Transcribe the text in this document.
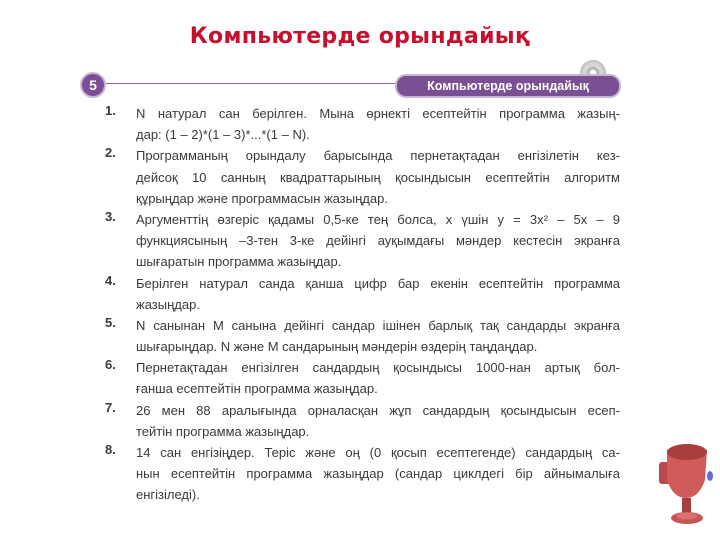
Компьютерде орындайық
5	Компьютерде орындайық
1. N натурал сан берілген. Мына өрнекті есептейтін программа жазың-
дар: (1 – 2)*(1 – 3)*...*(1 – N).
2. Программаның орындалу барысында пернетақтадан енгізілетін кез-
дейсоқ 10 санның квадраттарының қосындысын есептейтін алгоритм
құрыңдар және программасын жазыңдар.
3. Аргументтің өзгеріс қадамы 0,5-ке тең болса, x үшін y = 3x² – 5x – 9
функциясының –3-тен 3-ке дейінгі ауқымдағы мәндер кестесін экранға
шығаратын программа жазыңдар.
4. Берілген натурал санда қанша цифр бар екенін есептейтін программа
жазыңдар.
5. N санынан M санына дейінгі сандар ішінен барлық тақ сандарды экранға
шығарыңдар. N және M сандарының мәндерін өздерің таңдаңдар.
6. Пернетақтадан енгізілген сандардың қосындысы 1000-нан артық бол-
ғанша есептейтін программа жазыңдар.
7. 26 мен 88 аралығында орналасқан жұп сандардың қосындысын есеп-
тейтін программа жазыңдар.
8. 14 сан енгізіңдер. Теріс және оң (0 қосып есептегенде) сандардың са-
нын есептейтін программа жазыңдар (сандар циклдегі бір айнымалыға
енгізіледі).
